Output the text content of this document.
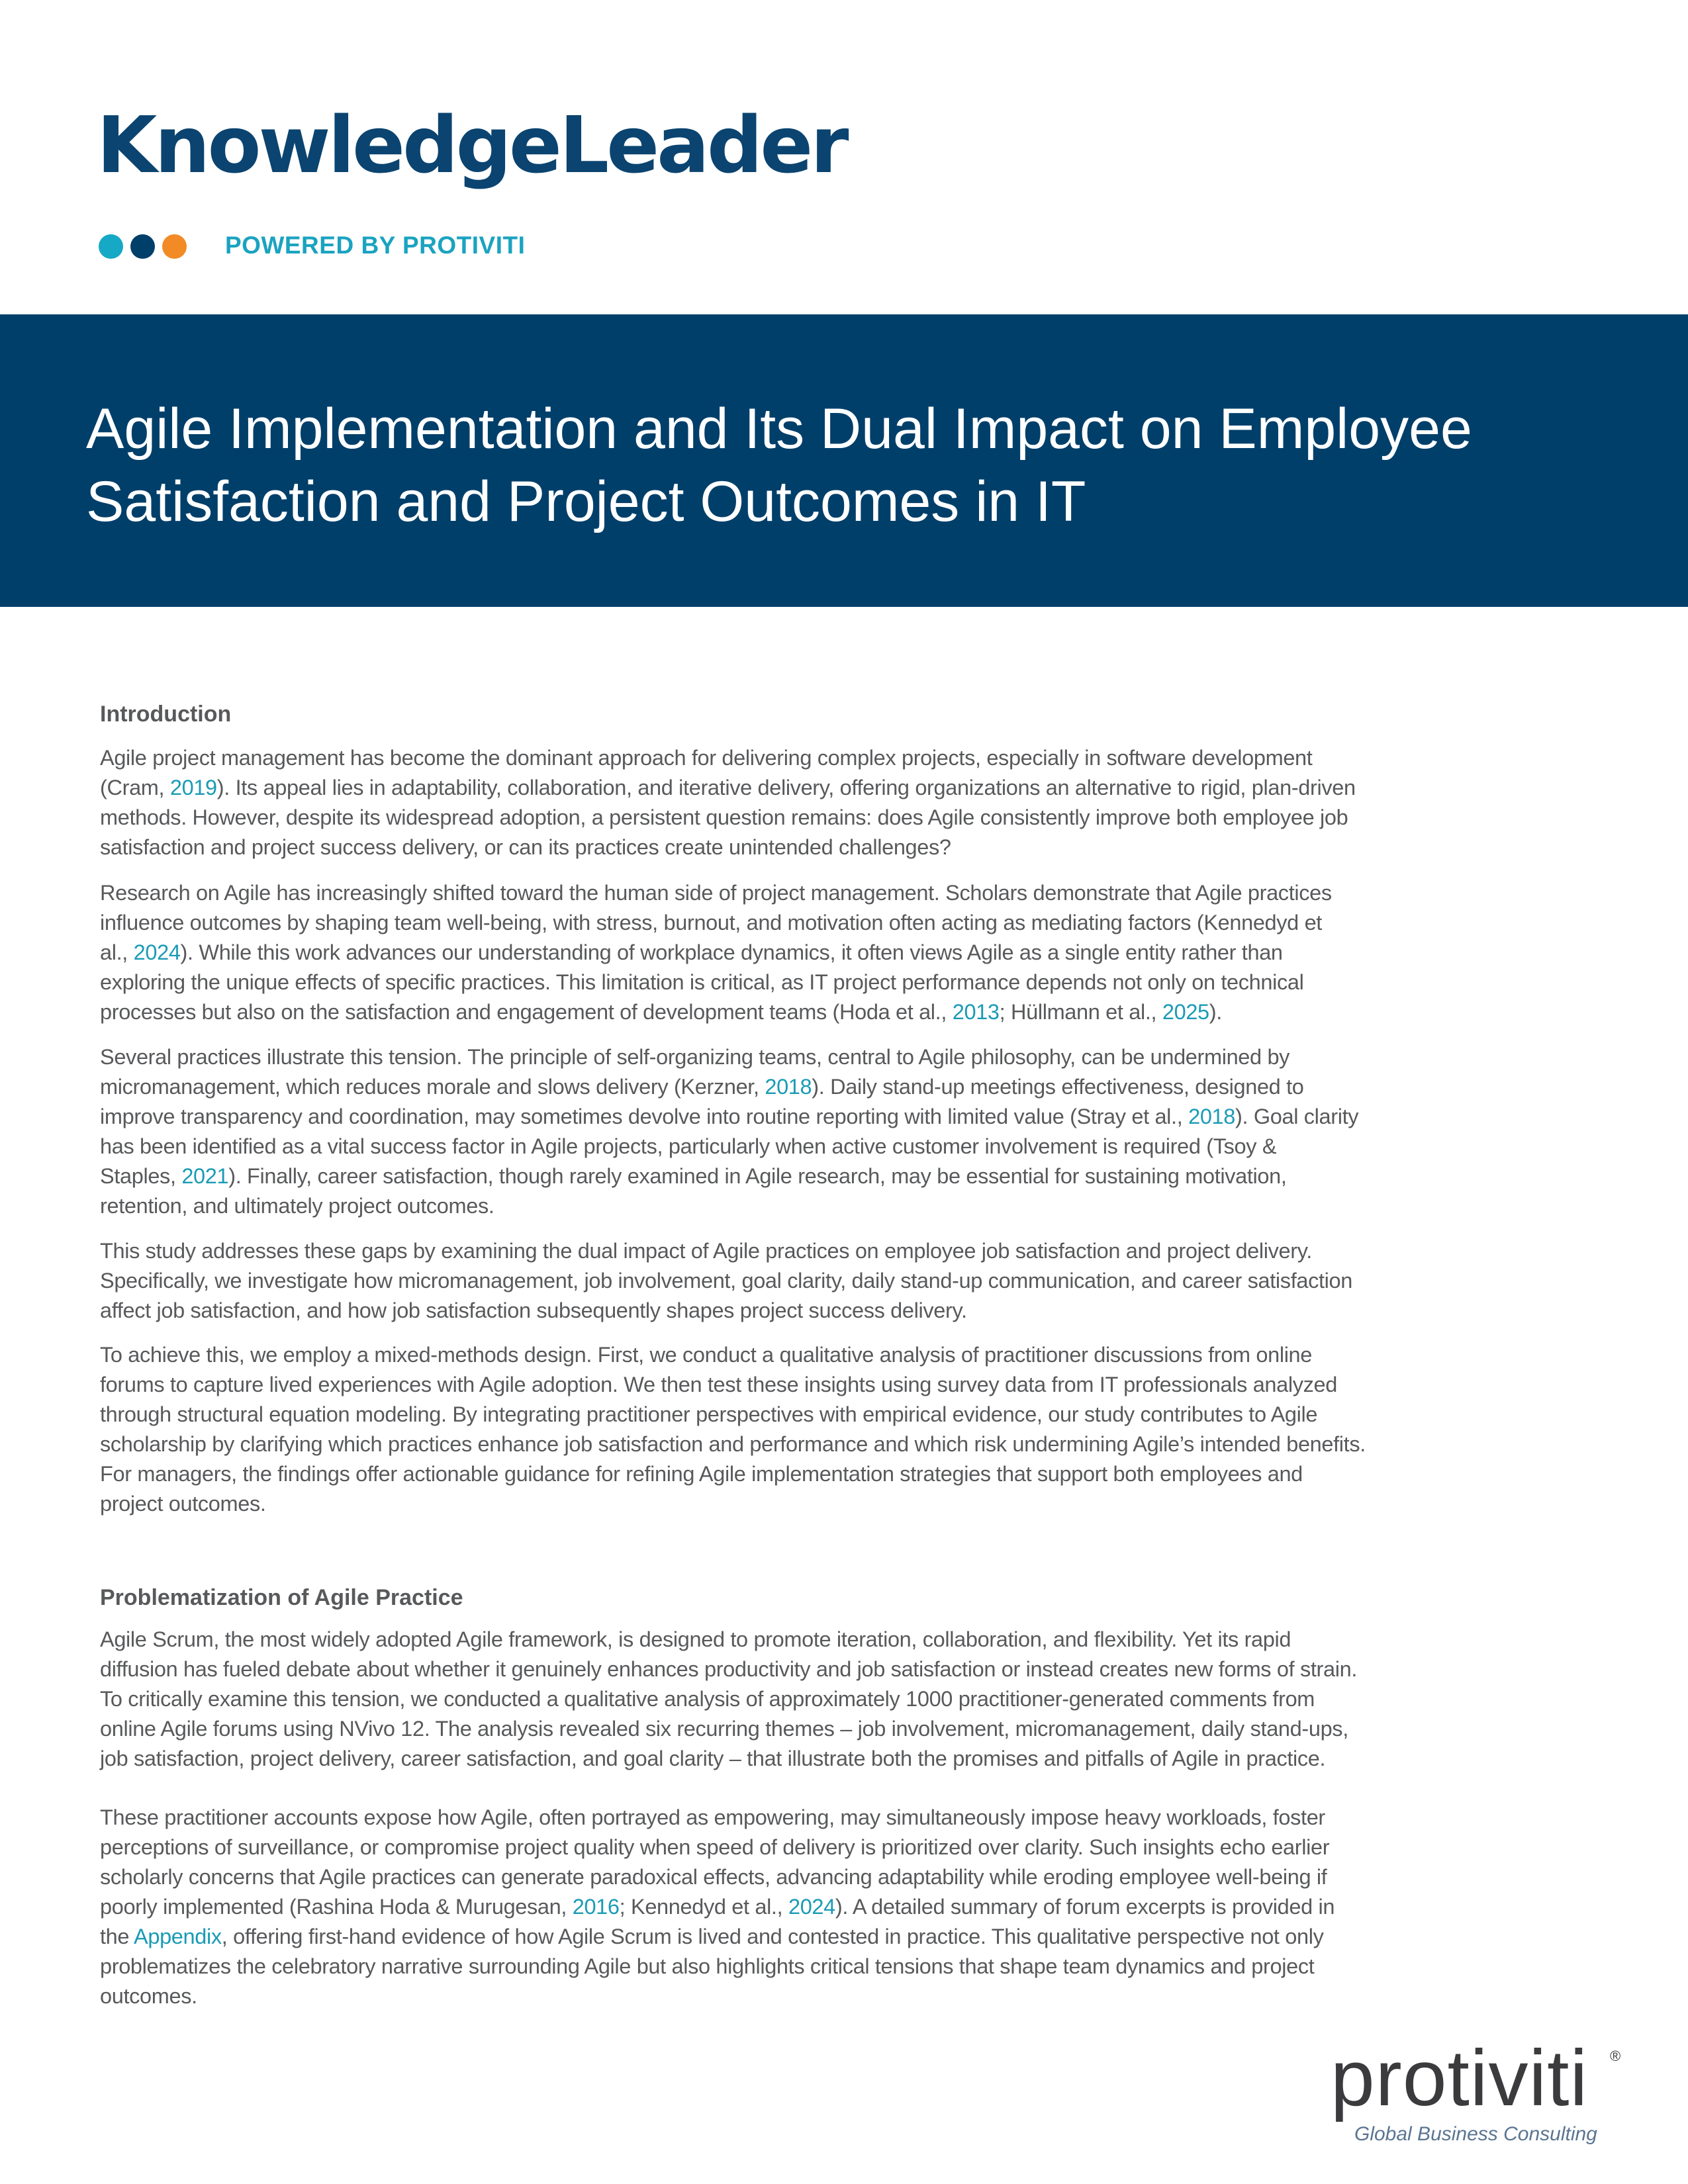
KnowledgeLeader
POWERED BY PROTIVITI
Agile Implementation and Its Dual Impact on Employee
Satisfaction and Project Outcomes in IT
Introduction
Agile project management has become the dominant approach for delivering complex projects, especially in software development
(Cram, 2019). Its appeal lies in adaptability, collaboration, and iterative delivery, offering organizations an alternative to rigid, plan-driven
methods. However, despite its widespread adoption, a persistent question remains: does Agile consistently improve both employee job
satisfaction and project success delivery, or can its practices create unintended challenges?
Research on Agile has increasingly shifted toward the human side of project management. Scholars demonstrate that Agile practices
influence outcomes by shaping team well-being, with stress, burnout, and motivation often acting as mediating factors (Kennedyd et
al., 2024). While this work advances our understanding of workplace dynamics, it often views Agile as a single entity rather than
exploring the unique effects of specific practices. This limitation is critical, as IT project performance depends not only on technical
processes but also on the satisfaction and engagement of development teams (Hoda et al., 2013; Hüllmann et al., 2025).
Several practices illustrate this tension. The principle of self-organizing teams, central to Agile philosophy, can be undermined by
micromanagement, which reduces morale and slows delivery (Kerzner, 2018). Daily stand-up meetings effectiveness, designed to
improve transparency and coordination, may sometimes devolve into routine reporting with limited value (Stray et al., 2018). Goal clarity
has been identified as a vital success factor in Agile projects, particularly when active customer involvement is required (Tsoy &
Staples, 2021). Finally, career satisfaction, though rarely examined in Agile research, may be essential for sustaining motivation,
retention, and ultimately project outcomes.
This study addresses these gaps by examining the dual impact of Agile practices on employee job satisfaction and project delivery.
Specifically, we investigate how micromanagement, job involvement, goal clarity, daily stand-up communication, and career satisfaction
affect job satisfaction, and how job satisfaction subsequently shapes project success delivery.
To achieve this, we employ a mixed-methods design. First, we conduct a qualitative analysis of practitioner discussions from online
forums to capture lived experiences with Agile adoption. We then test these insights using survey data from IT professionals analyzed
through structural equation modeling. By integrating practitioner perspectives with empirical evidence, our study contributes to Agile
scholarship by clarifying which practices enhance job satisfaction and performance and which risk undermining Agile’s intended benefits.
For managers, the findings offer actionable guidance for refining Agile implementation strategies that support both employees and
project outcomes.
Problematization of Agile Practice
Agile Scrum, the most widely adopted Agile framework, is designed to promote iteration, collaboration, and flexibility. Yet its rapid
diffusion has fueled debate about whether it genuinely enhances productivity and job satisfaction or instead creates new forms of strain.
To critically examine this tension, we conducted a qualitative analysis of approximately 1000 practitioner-generated comments from
online Agile forums using NVivo 12. The analysis revealed six recurring themes – job involvement, micromanagement, daily stand-ups,
job satisfaction, project delivery, career satisfaction, and goal clarity – that illustrate both the promises and pitfalls of Agile in practice.
These practitioner accounts expose how Agile, often portrayed as empowering, may simultaneously impose heavy workloads, foster
perceptions of surveillance, or compromise project quality when speed of delivery is prioritized over clarity. Such insights echo earlier
scholarly concerns that Agile practices can generate paradoxical effects, advancing adaptability while eroding employee well-being if
poorly implemented (Rashina Hoda & Murugesan, 2016; Kennedyd et al., 2024). A detailed summary of forum excerpts is provided in
the Appendix, offering first-hand evidence of how Agile Scrum is lived and contested in practice. This qualitative perspective not only
problematizes the celebratory narrative surrounding Agile but also highlights critical tensions that shape team dynamics and project
outcomes.
protiviti ®
Global Business Consulting
